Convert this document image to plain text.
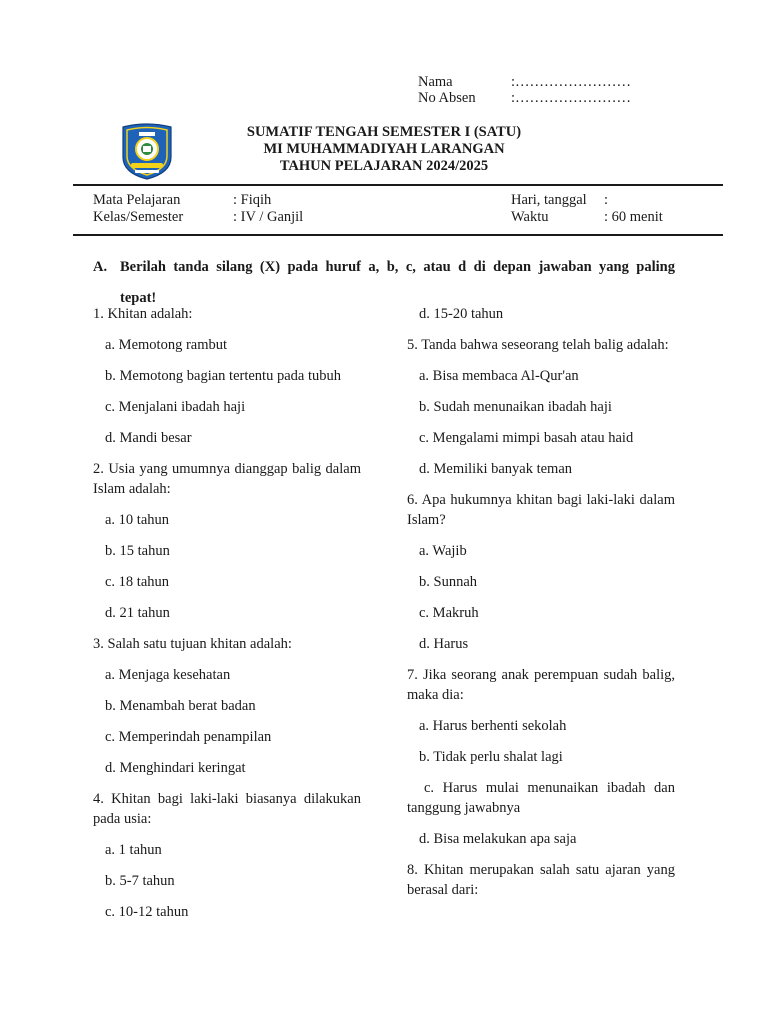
Nama	:……………………
No Absen	:……………………
SUMATIF TENGAH SEMESTER I (SATU)
MI MUHAMMADIYAH LARANGAN
TAHUN PELAJARAN 2024/2025
Mata Pelajaran	: Fiqih
Kelas/Semester	: IV / Ganjil
Hari, tanggal :
Waktu	: 60 menit
A. Berilah tanda silang (X) pada huruf a, b, c, atau d di depan jawaban yang paling
tepat!
1. Khitan adalah:
a. Memotong rambut
b. Memotong bagian tertentu pada tubuh
c. Menjalani ibadah haji
d. Mandi besar
2. Usia yang umumnya dianggap balig dalam Islam adalah:
a. 10 tahun
b. 15 tahun
c. 18 tahun
d. 21 tahun
3. Salah satu tujuan khitan adalah:
a. Menjaga kesehatan
b. Menambah berat badan
c. Memperindah penampilan
d. Menghindari keringat
4. Khitan bagi laki-laki biasanya dilakukan pada usia:
a. 1 tahun
b. 5-7 tahun
c. 10-12 tahun
d. 15-20 tahun
5. Tanda bahwa seseorang telah balig adalah:
a. Bisa membaca Al-Qur'an
b. Sudah menunaikan ibadah haji
c. Mengalami mimpi basah atau haid
d. Memiliki banyak teman
6. Apa hukumnya khitan bagi laki-laki dalam Islam?
a. Wajib
b. Sunnah
c. Makruh
d. Harus
7. Jika seorang anak perempuan sudah balig, maka dia:
a. Harus berhenti sekolah
b. Tidak perlu shalat lagi
c. Harus mulai menunaikan ibadah dan tanggung jawabnya
d. Bisa melakukan apa saja
8. Khitan merupakan salah satu ajaran yang berasal dari:
